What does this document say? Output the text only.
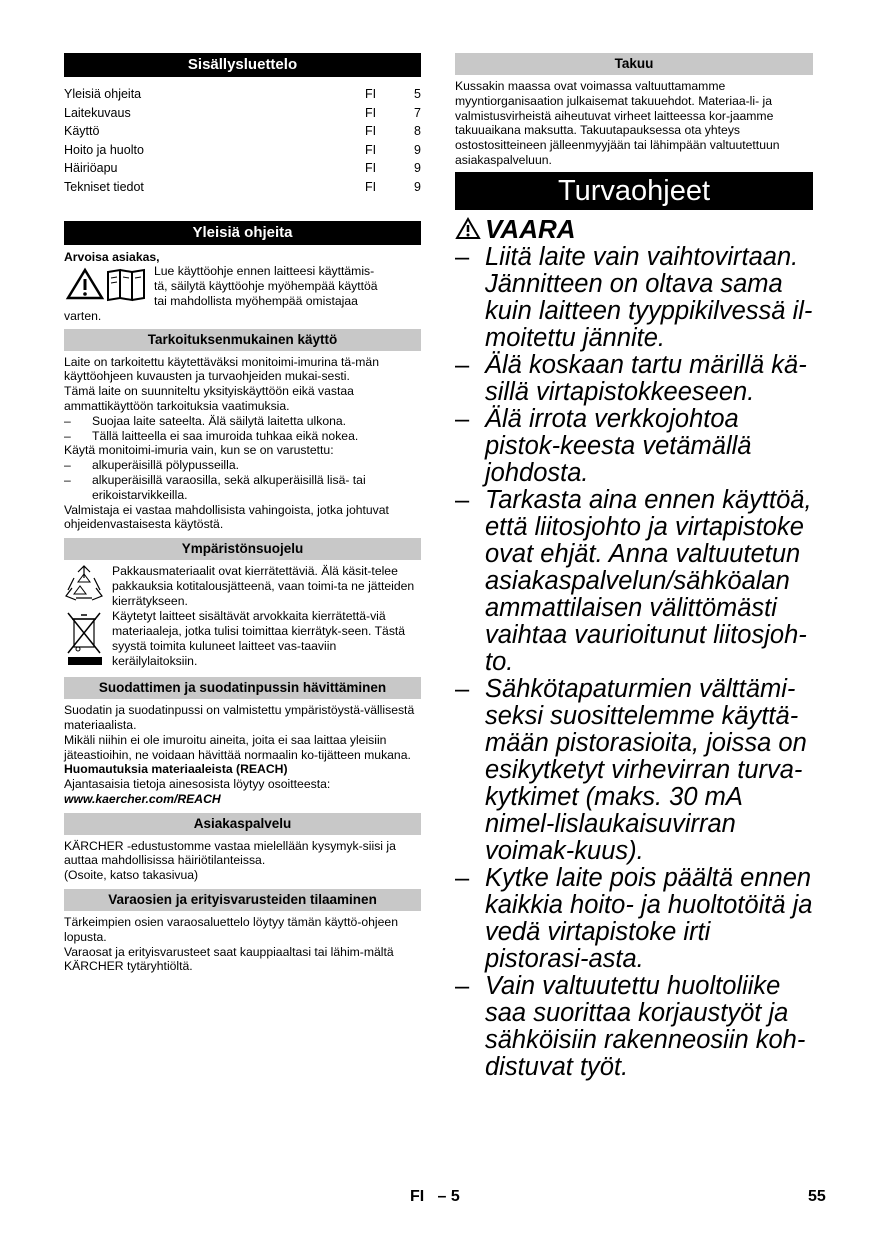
Sisällysluettelo
Yleisiä ohjeita	FI	5
Laitekuvaus	FI	7
Käyttö	FI	8
Hoito ja huolto	FI	9
Häiriöapu	FI	9
Tekniset tiedot	FI	9
Yleisiä ohjeita

Arvoisa asiakas,

Lue käyttöohje ennen laitteesi käyttämis-

tä, säilytä käyttöohje myöhempää käyttöä

tai mahdollista myöhempää omistajaa

varten.

Tarkoituksenmukainen käyttö

Laite on tarkoitettu käytettäväksi monitoimi-imurina tä-män käyttöohjeen kuvausten ja turvaohjeiden mukai-sesti.

Tämä laite on suunniteltu yksityiskäyttöön eikä vastaa ammattikäyttöön tarkoituksia vaatimuksia.

–	Suojaa laite sateelta. Älä säilytä laitetta ulkona.
–	Tällä laitteella ei saa imuroida tuhkaa eikä nokea.

Käytä monitoimi-imuria vain, kun se on varustettu:

–	alkuperäisillä pölypusseilla.
–	alkuperäisillä varaosilla, sekä alkuperäisillä lisä- tai erikoistarvikkeilla.

Valmistaja ei vastaa mahdollisista vahingoista, jotka johtuvat ohjeidenvastaisesta käytöstä.

Ympäristönsuojelu

Pakkausmateriaalit ovat kierrätettäviä. Älä käsit-telee pakkauksia kotitalousjätteenä, vaan toimi-ta ne jätteiden kierrätykseen.

Käytetyt laitteet sisältävät arvokkaita kierrätettä-viä materiaaleja, jotka tulisi toimittaa kierrätyk-seen. Tästä syystä toimita kuluneet laitteet vas-taaviin keräilylaitoksiin.

Suodattimen ja suodatinpussin hävittäminen

Suodatin ja suodatinpussi on valmistettu ympäristöystä-vällisestä materiaalista.

Mikäli niihin ei ole imuroitu aineita, joita ei saa laittaa yleisiin jäteastioihin, ne voidaan hävittää normaalin ko-tijätteen mukana.

Huomautuksia materiaaleista (REACH)

Ajantasaisia tietoja ainesosista löytyy osoitteesta:

www.kaercher.com/REACH

Asiakaspalvelu

KÄRCHER -edustustomme vastaa mielellään kysymyk-siisi ja auttaa mahdollisissa häiriötilanteissa.

(Osoite, katso takasivua)

Varaosien ja erityisvarusteiden tilaaminen

Tärkeimpien osien varaosaluettelo löytyy tämän käyttö-ohjeen lopusta.

Varaosat ja erityisvarusteet saat kauppiaaltasi tai lähim-mältä KÄRCHER tytäryhtiöltä.

Takuu

Kussakin maassa ovat voimassa valtuuttamamme myyntiorganisaation julkaisemat takuuehdot. Materiaa-li- ja valmistusvirheistä aiheutuvat virheet laitteessa kor-jaamme takuuaikana maksutta. Takuutapauksessa ota yhteys ostostositteineen jälleenmyyjään tai lähimpään valtuutettuun asiakaspalveluun.

Turvaohjeet
VAARA
– Liitä laite vain vaihtovirtaan. Jännitteen on oltava sama kuin laitteen tyyppikilvessä il-moitettu jännite.
– Älä koskaan tartu märillä kä-sillä virtapistokkeeseen.
– Älä irrota verkkojohtoa pistok-keesta vetämällä johdosta.
– Tarkasta aina ennen käyttöä, että liitosjohto ja virtapistoke ovat ehjät. Anna valtuutetun asiakaspalvelun/sähköalan ammattilaisen välittömästi vaihtaa vaurioitunut liitosjoh-to.
– Sähkötapaturmien välttämi-seksi suosittelemme käyttä-mään pistorasioita, joissa on esikytketyt virhevirran turva-kytkimet (maks. 30 mA nimel-lislaukaisuvirran voimak-kuus).
– Kytke laite pois päältä ennen kaikkia hoito- ja huoltotöitä ja vedä virtapistoke irti pistorasi-asta.
– Vain valtuutettu huoltoliike saa suorittaa korjaustyöt ja sähköisiin rakenneosiin koh-distuvat työt.
FI   – 5	55
